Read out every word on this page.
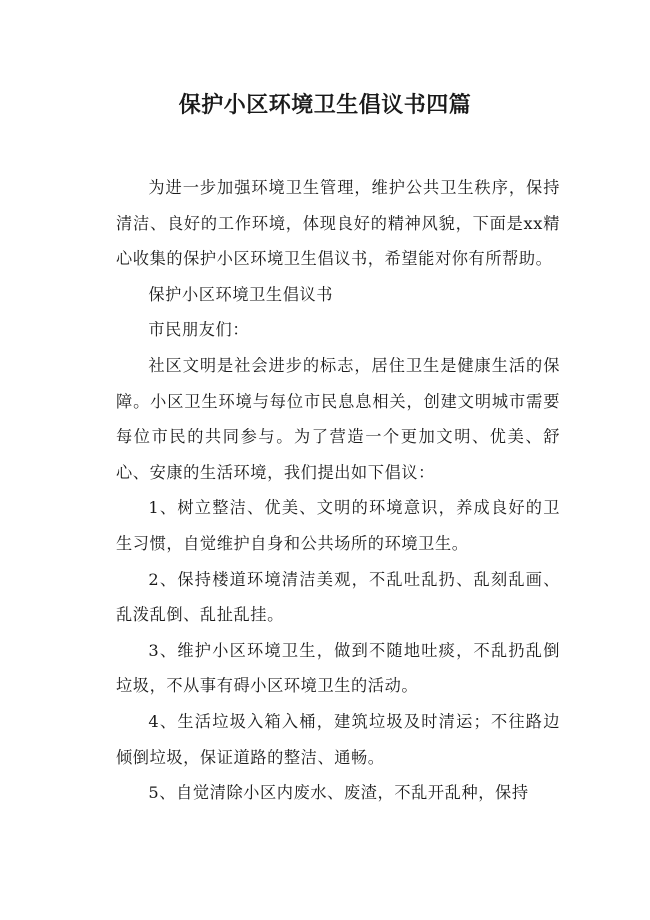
保护小区环境卫生倡议书四篇

为进一步加强环境卫生管理，维护公共卫生秩序，保持清洁、良好的工作环境，体现良好的精神风貌，下面是xx精心收集的保护小区环境卫生倡议书，希望能对你有所帮助。

保护小区环境卫生倡议书

市民朋友们：

社区文明是社会进步的标志，居住卫生是健康生活的保障。小区卫生环境与每位市民息息相关，创建文明城市需要每位市民的共同参与。为了营造一个更加文明、优美、舒心、安康的生活环境，我们提出如下倡议：

1、树立整洁、优美、文明的环境意识，养成良好的卫生习惯，自觉维护自身和公共场所的环境卫生。

2、保持楼道环境清洁美观，不乱吐乱扔、乱刻乱画、乱泼乱倒、乱扯乱挂。

3、维护小区环境卫生，做到不随地吐痰，不乱扔乱倒垃圾，不从事有碍小区环境卫生的活动。

4、生活垃圾入箱入桶，建筑垃圾及时清运；不往路边倾倒垃圾，保证道路的整洁、通畅。

5、自觉清除小区内废水、废渣，不乱开乱种，保持
